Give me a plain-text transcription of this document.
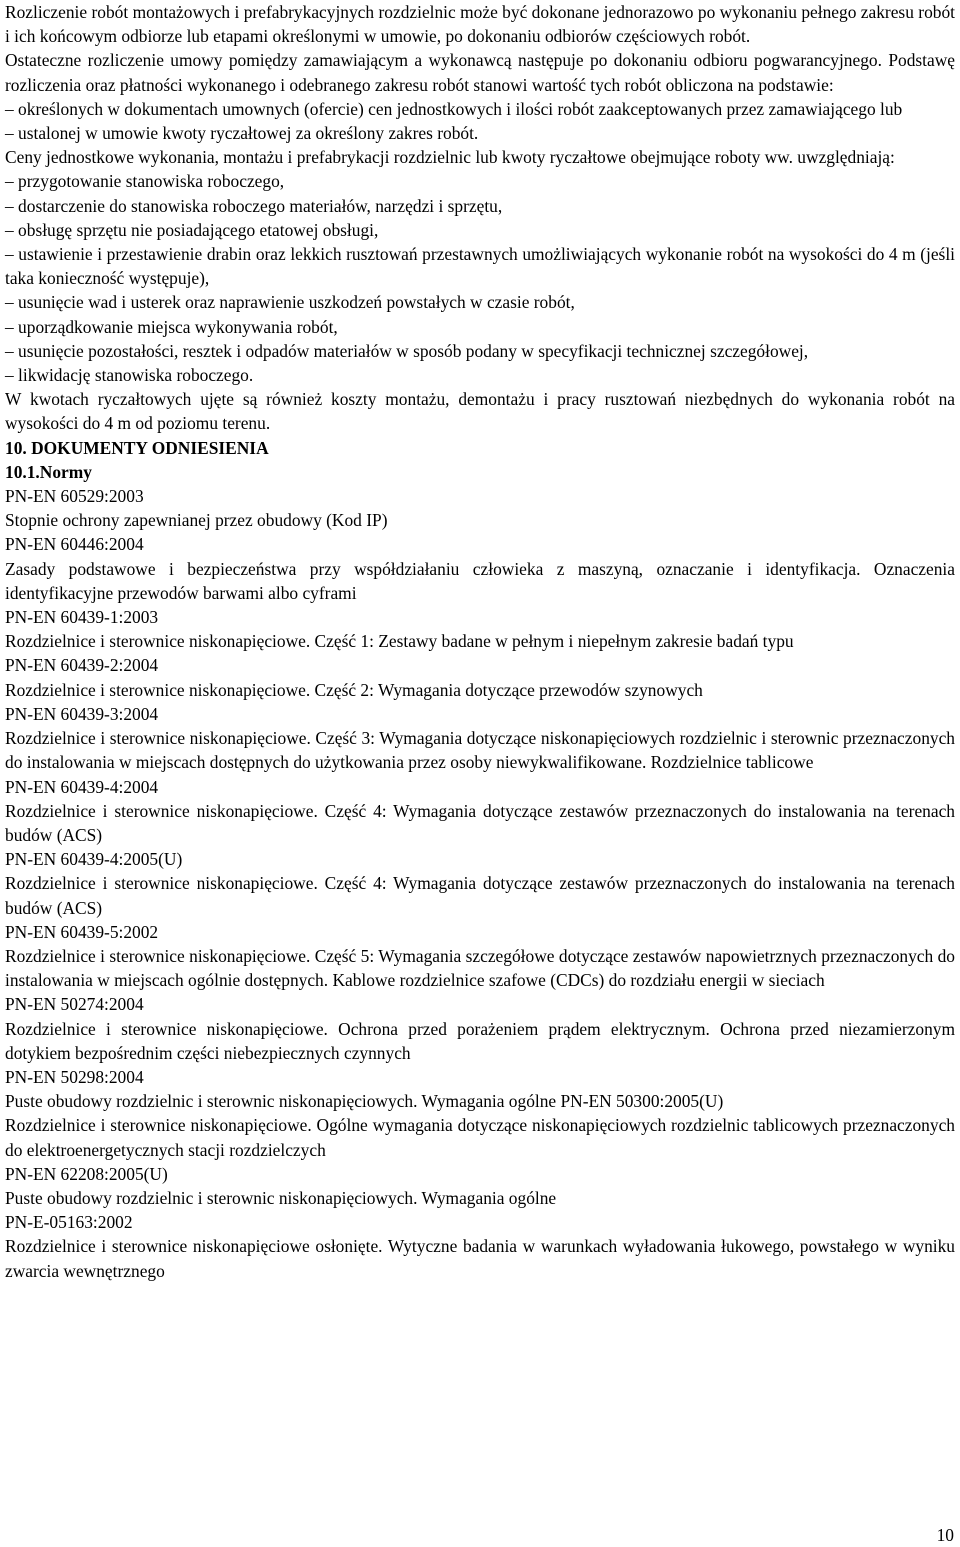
Rozliczenie robót montażowych i prefabrykacyjnych rozdzielnic może być dokonane jednorazowo po wykonaniu pełnego zakresu robót i ich końcowym odbiorze lub etapami określonymi w umowie, po dokonaniu odbiorów częściowych robót.

Ostateczne rozliczenie umowy pomiędzy zamawiającym a wykonawcą następuje po dokonaniu odbioru pogwarancyjnego. Podstawę rozliczenia oraz płatności wykonanego i odebranego zakresu robót stanowi wartość tych robót obliczona na podstawie:

– określonych w dokumentach umownych (ofercie) cen jednostkowych i ilości robót zaakceptowanych przez zamawiającego lub

– ustalonej w umowie kwoty ryczałtowej za określony zakres robót.

Ceny jednostkowe wykonania, montażu i prefabrykacji rozdzielnic lub kwoty ryczałtowe obejmujące roboty ww. uwzględniają:

– przygotowanie stanowiska roboczego,

– dostarczenie do stanowiska roboczego materiałów, narzędzi i sprzętu,

– obsługę sprzętu nie posiadającego etatowej obsługi,

– ustawienie i przestawienie drabin oraz lekkich rusztowań przestawnych umożliwiających wykonanie robót na wysokości do 4 m (jeśli taka konieczność występuje),

– usunięcie wad i usterek oraz naprawienie uszkodzeń powstałych w czasie robót,

– uporządkowanie miejsca wykonywania robót,

– usunięcie pozostałości, resztek i odpadów materiałów w sposób podany w specyfikacji technicznej szczegółowej,

– likwidację stanowiska roboczego.

W kwotach ryczałtowych ujęte są również koszty montażu, demontażu i pracy rusztowań niezbędnych do wykonania robót na wysokości do 4 m od poziomu terenu.

10. DOKUMENTY ODNIESIENIA

10.1.Normy

PN-EN 60529:2003

Stopnie ochrony zapewnianej przez obudowy (Kod IP)

PN-EN 60446:2004

Zasady podstawowe i bezpieczeństwa przy współdziałaniu człowieka z maszyną, oznaczanie i identyfikacja. Oznaczenia identyfikacyjne przewodów barwami albo cyframi

PN-EN 60439-1:2003

Rozdzielnice i sterownice niskonapięciowe. Część 1: Zestawy badane w pełnym i niepełnym zakresie badań typu

PN-EN 60439-2:2004

Rozdzielnice i sterownice niskonapięciowe. Część 2: Wymagania dotyczące przewodów szynowych

PN-EN 60439-3:2004

Rozdzielnice i sterownice niskonapięciowe. Część 3: Wymagania dotyczące niskonapięciowych rozdzielnic i sterownic przeznaczonych do instalowania w miejscach dostępnych do użytkowania przez osoby niewykwalifikowane. Rozdzielnice tablicowe

PN-EN 60439-4:2004

Rozdzielnice i sterownice niskonapięciowe. Część 4: Wymagania dotyczące zestawów przeznaczonych do instalowania na terenach budów (ACS)

PN-EN 60439-4:2005(U)

Rozdzielnice i sterownice niskonapięciowe. Część 4: Wymagania dotyczące zestawów przeznaczonych do instalowania na terenach budów (ACS)

PN-EN 60439-5:2002

Rozdzielnice i sterownice niskonapięciowe. Część 5: Wymagania szczegółowe dotyczące zestawów napowietrznych przeznaczonych do instalowania w miejscach ogólnie dostępnych. Kablowe rozdzielnice szafowe (CDCs) do rozdziału energii w sieciach

PN-EN 50274:2004

Rozdzielnice i sterownice niskonapięciowe. Ochrona przed porażeniem prądem elektrycznym. Ochrona przed niezamierzonym dotykiem bezpośrednim części niebezpiecznych czynnych

PN-EN 50298:2004

Puste obudowy rozdzielnic i sterownic niskonapięciowych. Wymagania ogólne PN-EN 50300:2005(U)

Rozdzielnice i sterownice niskonapięciowe. Ogólne wymagania dotyczące niskonapięciowych rozdzielnic tablicowych przeznaczonych do elektroenergetycznych stacji rozdzielczych

PN-EN 62208:2005(U)

Puste obudowy rozdzielnic i sterownic niskonapięciowych. Wymagania ogólne

PN-E-05163:2002

Rozdzielnice i sterownice niskonapięciowe osłonięte. Wytyczne badania w warunkach wyładowania łukowego, powstałego w wyniku zwarcia wewnętrznego

10
